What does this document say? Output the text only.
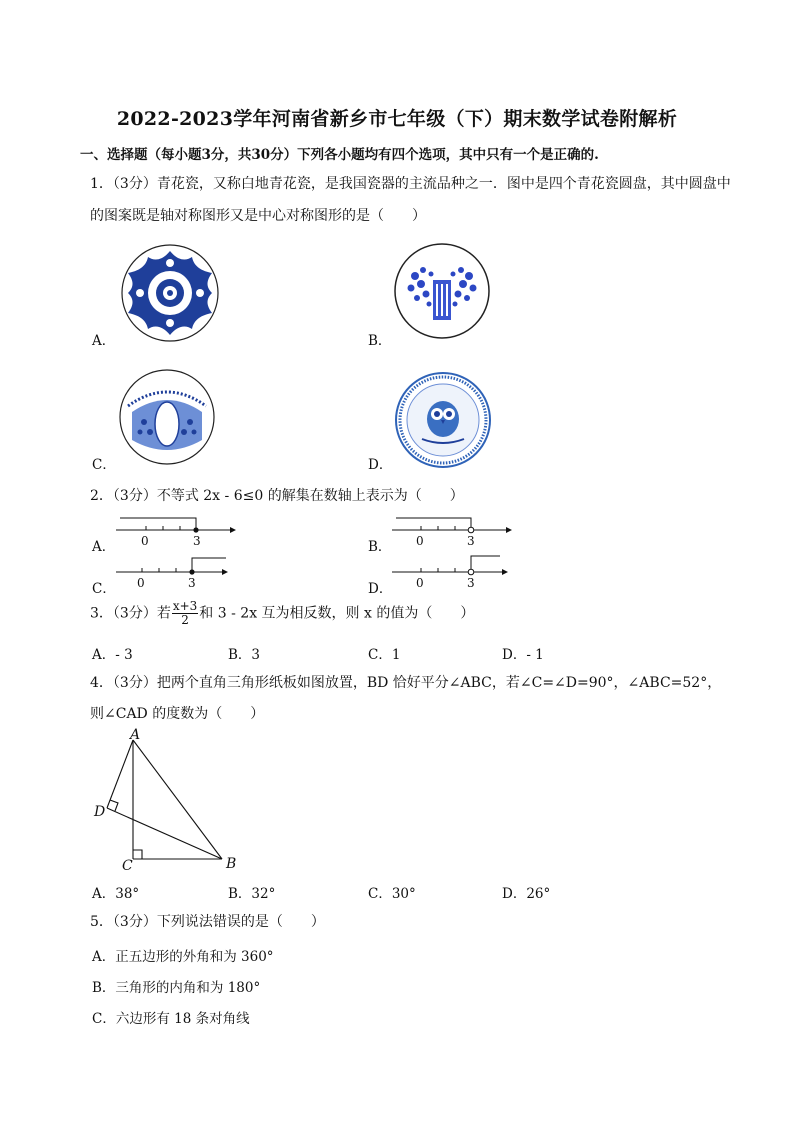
2022-2023学年河南省新乡市七年级（下）期末数学试卷附解析
一、选择题（每小题3分，共30分）下列各小题均有四个选项，其中只有一个是正确的.
1．（3分）青花瓷，又称白地青花瓷，是我国瓷器的主流品种之一．图中是四个青花瓷圆盘，其中圆盘中
的图案既是轴对称图形又是中心对称图形的是（　　）
A．	B．
C．	D．
2．（3分）不等式 2x - 6≤0 的解集在数轴上表示为（　　）
A． 0	3	B． 0	3
C． 0	3	D． 0	3
3．（3分）若 $\frac{x+3}{2}$ 和 3 - 2x 互为相反数，则 x 的值为（　　）
A．- 3	B．3	C．1	D．- 1
4．（3分）把两个直角三角形纸板如图放置，BD 恰好平分∠ABC，若∠C=∠D=90°，∠ABC=52°，
则∠CAD 的度数为（　　）
A
D
C	B
A．38°	B．32°	C．30°	D．26°
5．（3分）下列说法错误的是（　　）
A．正五边形的外角和为 360°
B．三角形的内角和为 180°
C．六边形有 18 条对角线
